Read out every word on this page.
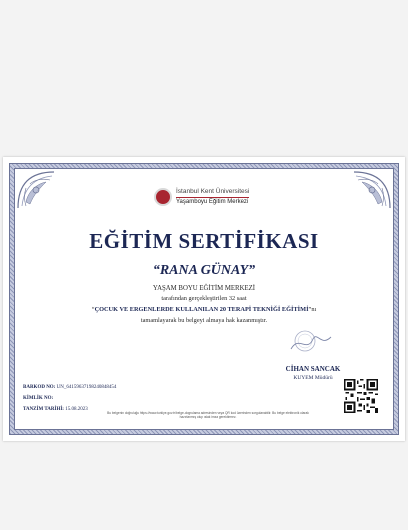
İstanbul Kent Üniversitesi
Yaşamboyu Eğitim Merkezi
EĞİTİM SERTİFİKASI
“RANA GÜNAY”
YAŞAM BOYU EĞİTİM MERKEZİ
tarafından gerçekleştirilen 32 saat
“ÇOCUK VE ERGENLERDE KULLANILAN 20 TERAPİ TEKNİĞİ EĞİTİMİ”nı
tamamlayarak bu belgeyi almaya hak kazanmıştır.
CİHAN SANCAK
KUYEM Müdürü
BARKOD NO: UN_64159637198240848454
KİMLİK NO:
TANZİM TARİHİ: 15.08.2023
Bu belgenin doğruluğu https://www.turkiye.gov.tr/belge-dogrulama adresinden veya QR kod üzerinden sorgulanabilir. Bu belge elektronik olarak hazırlanmış olup ıslak imza gerektirmez.
